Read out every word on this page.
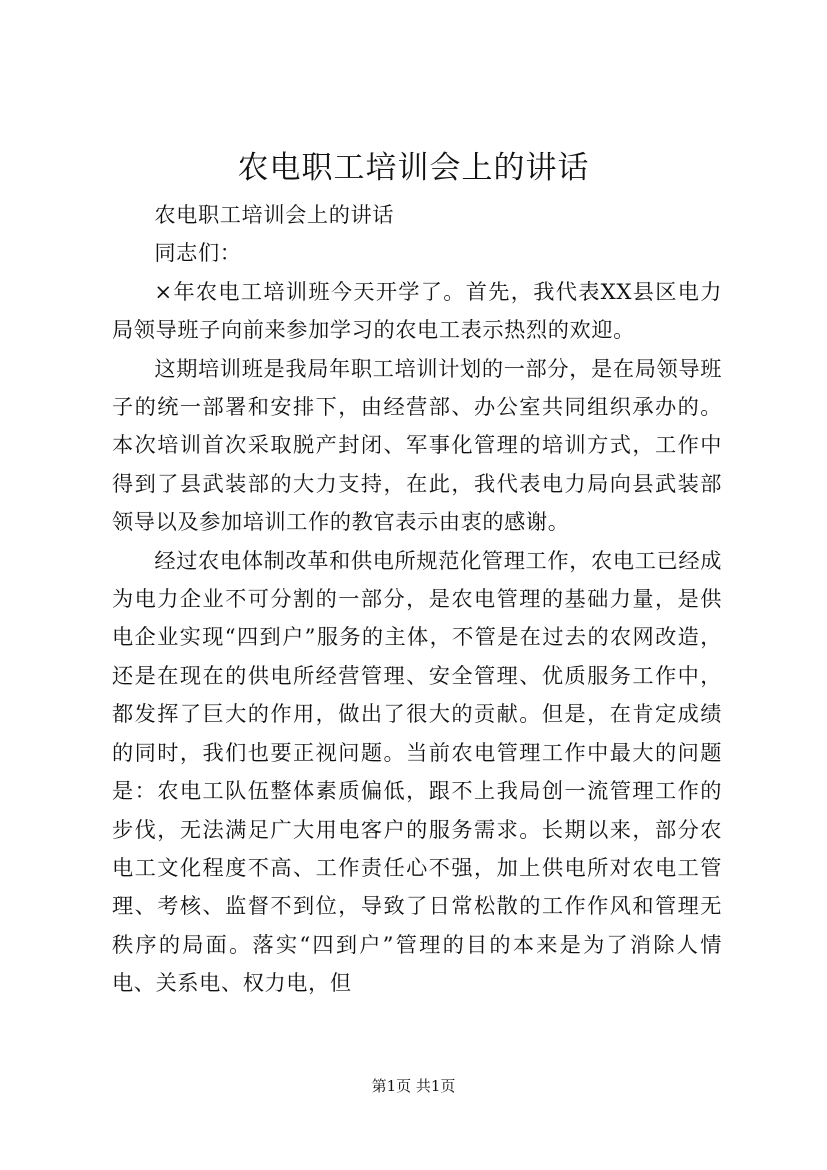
农电职工培训会上的讲话

农电职工培训会上的讲话

同志们：

×年农电工培训班今天开学了。首先，我代表XX县区电力局领导班子向前来参加学习的农电工表示热烈的欢迎。

这期培训班是我局年职工培训计划的一部分，是在局领导班子的统一部署和安排下，由经营部、办公室共同组织承办的。本次培训首次采取脱产封闭、军事化管理的培训方式，工作中得到了县武装部的大力支持，在此，我代表电力局向县武装部领导以及参加培训工作的教官表示由衷的感谢。

经过农电体制改革和供电所规范化管理工作，农电工已经成为电力企业不可分割的一部分，是农电管理的基础力量，是供电企业实现“四到户”服务的主体，不管是在过去的农网改造，还是在现在的供电所经营管理、安全管理、优质服务工作中，都发挥了巨大的作用，做出了很大的贡献。但是，在肯定成绩的同时，我们也要正视问题。当前农电管理工作中最大的问题是：农电工队伍整体素质偏低，跟不上我局创一流管理工作的步伐，无法满足广大用电客户的服务需求。长期以来，部分农电工文化程度不高、工作责任心不强，加上供电所对农电工管理、考核、监督不到位，导致了日常松散的工作作风和管理无秩序的局面。落实“四到户”管理的目的本来是为了消除人情电、关系电、权力电，但

第1页 共1页
